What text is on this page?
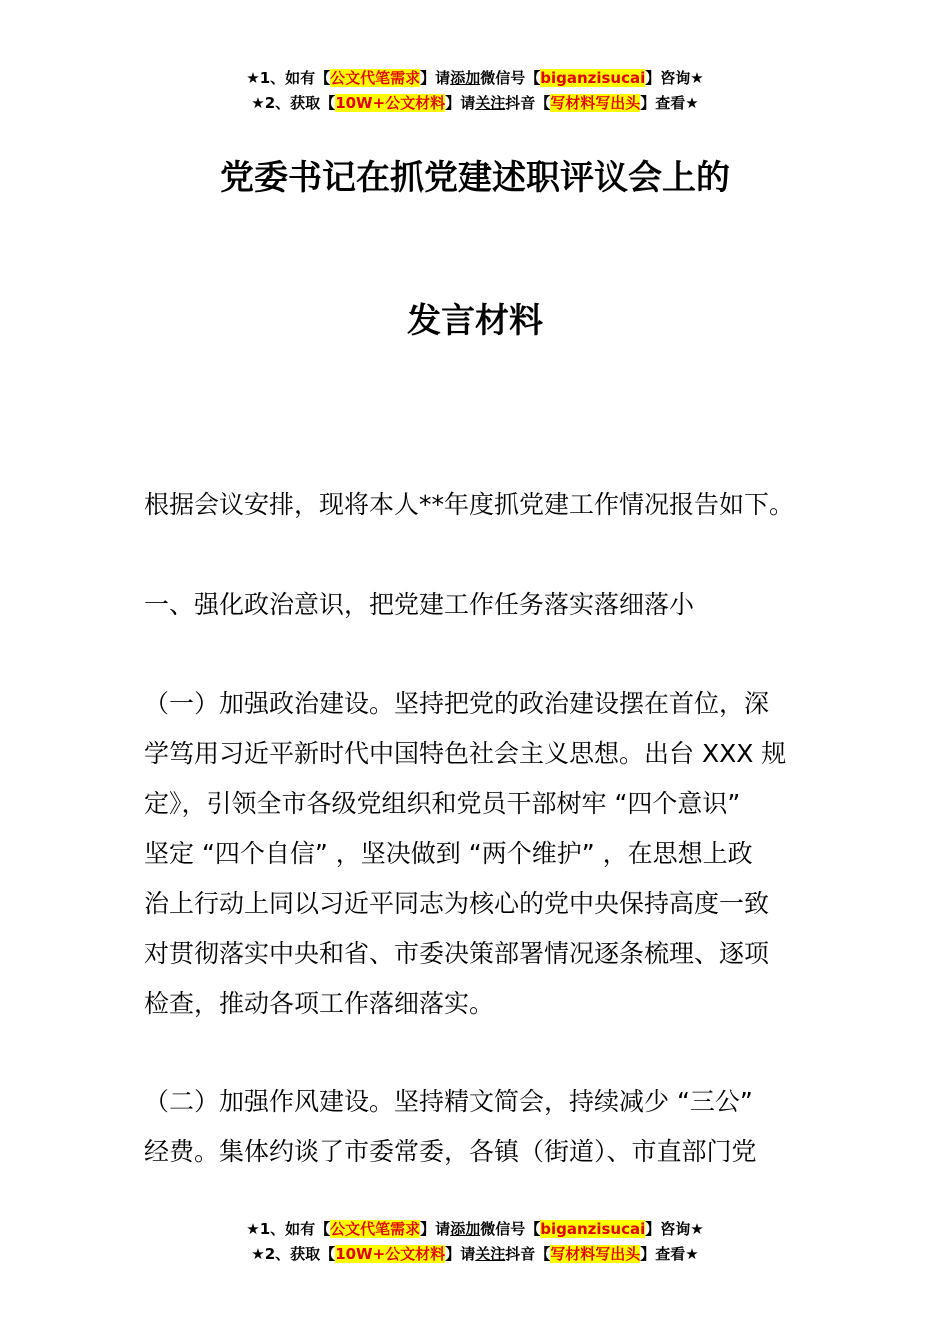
★1、如有【公文代笔需求】请添加微信号【biganzisucai】咨询★
★2、获取【10W+公文材料】请关注抖音【写材料写出头】查看★
党委书记在抓党建述职评议会上的
发言材料

根据会议安排，现将本人**年度抓党建工作情况报告如下。

一、强化政治意识，把党建工作任务落实落细落小

（一）加强政治建设。坚持把党的政治建设摆在首位，深
学笃用习近平新时代中国特色社会主义思想。出台 XXX 规
定》，引领全市各级党组织和党员干部树牢 “四个意识”
坚定 “四个自信” ，坚决做到 “两个维护” ，在思想上政
治上行动上同以习近平同志为核心的党中央保持高度一致
对贯彻落实中央和省、市委决策部署情况逐条梳理、逐项
检查，推动各项工作落细落实。
（二）加强作风建设。坚持精文简会，持续减少 “三公”
经费。集体约谈了市委常委，各镇（街道）、市直部门党
★1、如有【公文代笔需求】请添加微信号【biganzisucai】咨询★
★2、获取【10W+公文材料】请关注抖音【写材料写出头】查看★
